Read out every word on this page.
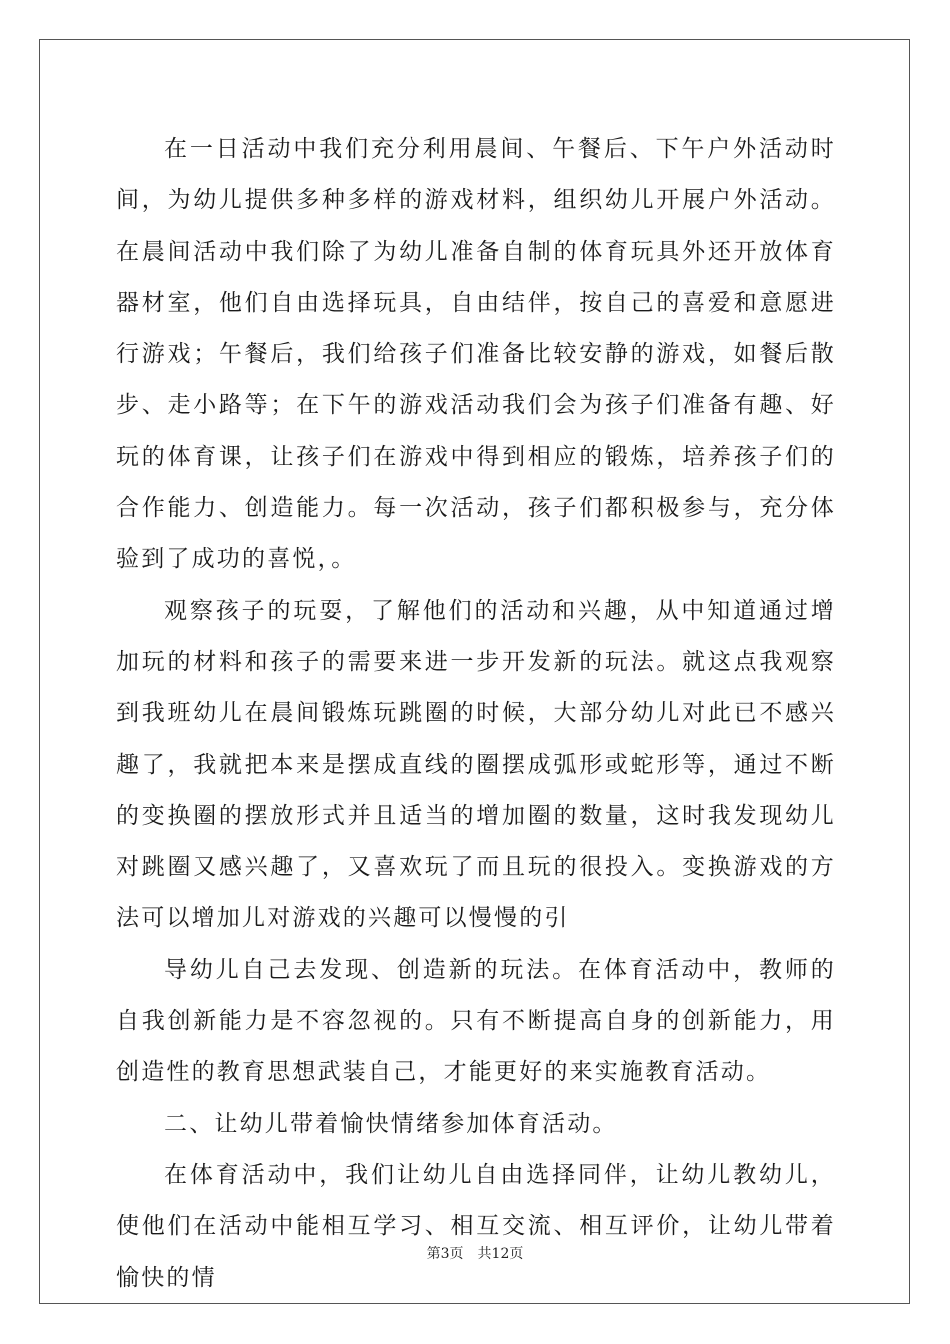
在一日活动中我们充分利用晨间、午餐后、下午户外活动时间，为幼儿提供多种多样的游戏材料，组织幼儿开展户外活动。在晨间活动中我们除了为幼儿准备自制的体育玩具外还开放体育器材室，他们自由选择玩具，自由结伴，按自己的喜爱和意愿进行游戏；午餐后，我们给孩子们准备比较安静的游戏，如餐后散步、走小路等；在下午的游戏活动我们会为孩子们准备有趣、好玩的体育课，让孩子们在游戏中得到相应的锻炼，培养孩子们的合作能力、创造能力。每一次活动，孩子们都积极参与，充分体验到了成功的喜悦，。

观察孩子的玩耍，了解他们的活动和兴趣，从中知道通过增加玩的材料和孩子的需要来进一步开发新的玩法。就这点我观察到我班幼儿在晨间锻炼玩跳圈的时候，大部分幼儿对此已不感兴趣了，我就把本来是摆成直线的圈摆成弧形或蛇形等，通过不断的变换圈的摆放形式并且适当的增加圈的数量，这时我发现幼儿对跳圈又感兴趣了，又喜欢玩了而且玩的很投入。变换游戏的方法可以增加儿对游戏的兴趣可以慢慢的引

导幼儿自己去发现、创造新的玩法。在体育活动中，教师的自我创新能力是不容忽视的。只有不断提高自身的创新能力，用创造性的教育思想武装自己，才能更好的来实施教育活动。

二、让幼儿带着愉快情绪参加体育活动。

在体育活动中，我们让幼儿自由选择同伴，让幼儿教幼儿，使他们在活动中能相互学习、相互交流、相互评价，让幼儿带着愉快的情

第3页 共12页
